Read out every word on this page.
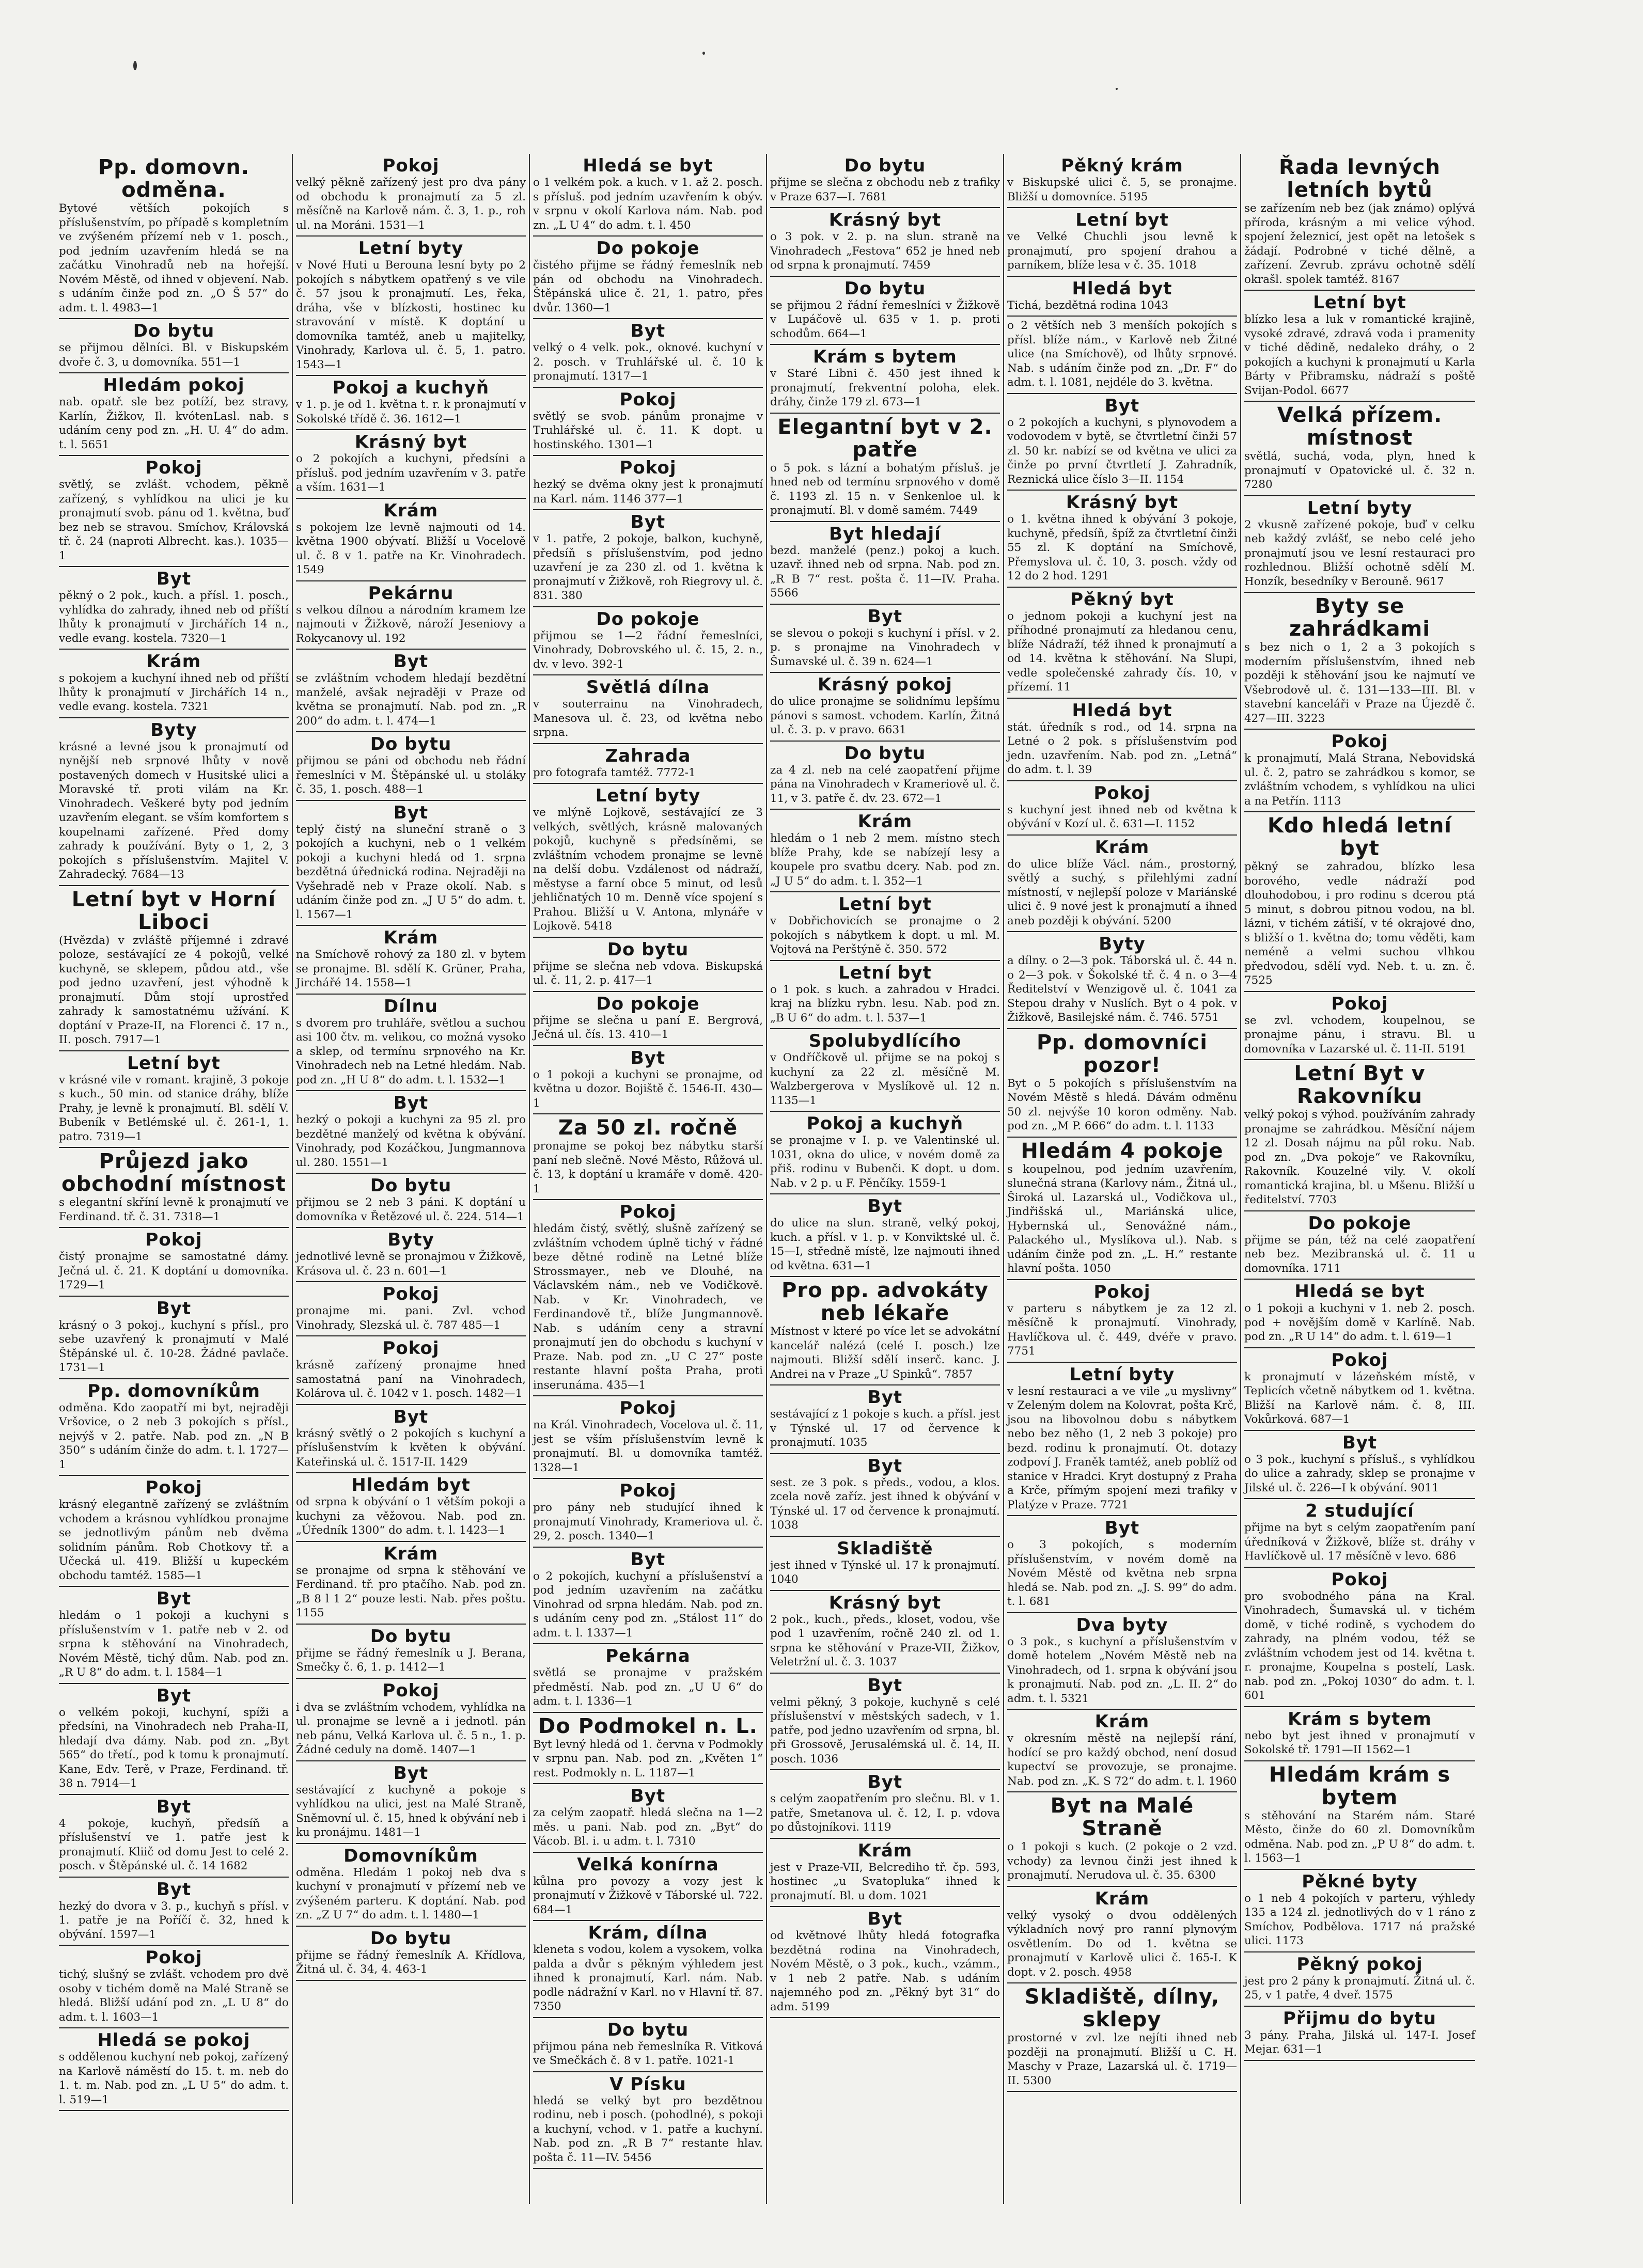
Pp. domovn. odměna.

Bytové větších pokojích s příslušenstvím, po případě s kompletním ve zvýšeném přízemí neb v 1. posch., pod jedním uzavřením hledá se na začátku Vinohradů neb na hořejší. Novém Městě, od ihned v objevení. Nab. s udáním činže pod zn. „O Š 57“ do adm. t. l. 4983—1

Do bytu

se přijmou dělníci. Bl. v Biskupském dvoře č. 3, u domovníka. 551—1

Hledám pokoj

nab. opatř. sle bez potíží, bez stravy, Karlín, Žižkov, Il. kvótenLasl. nab. s udáním ceny pod zn. „H. U. 4“ do adm. t. l. 5651

Pokoj

světlý, se zvlášt. vchodem, pěkně zařízený, s vyhlídkou na ulici je ku pronajmutí svob. pánu od 1. května, buď bez neb se stravou. Smíchov, Královská tř. č. 24 (naproti Albrecht. kas.). 1035—1

Byt

pěkný o 2 pok., kuch. a přísl. 1. posch., vyhlídka do zahrady, ihned neb od příští lhůty k pronajmutí v Jirchářích 14 n., vedle evang. kostela. 7320—1

Krám

s pokojem a kuchyní ihned neb od příští lhůty k pronajmutí v Jirchářích 14 n., vedle evang. kostela. 7321

Byty

krásné a levné jsou k pronajmutí od nynější neb srpnové lhůty v nově postavených domech v Husitské ulici a Moravské tř. proti vilám na Kr. Vinohradech. Veškeré byty pod jedním uzavřením elegant. se vším komfortem s koupelnami zařízené. Před domy zahrady k používání. Byty o 1, 2, 3 pokojích s příslušenstvím. Majitel V. Zahradecký. 7684—13

Letní byt v Horní Liboci

(Hvězda) v zvláště příjemné i zdravé poloze, sestávající ze 4 pokojů, velké kuchyně, se sklepem, půdou atd., vše pod jedno uzavření, jest výhodně k pronajmutí. Dům stojí uprostřed zahrady k samostatnému užívání. K doptání v Praze-II, na Florenci č. 17 n., II. posch. 7917—1

Letní byt

v krásné vile v romant. krajině, 3 pokoje s kuch., 50 min. od stanice dráhy, blíže Prahy, je levně k pronajmutí. Bl. sdělí V. Bubeník v Betlémské ul. č. 261-1, 1. patro. 7319—1

Průjezd jako obchodní místnost

s elegantní skříní levně k pronajmutí ve Ferdinand. tř. č. 31. 7318—1

Pokoj

čistý pronajme se samostatné dámy. Ječná ul. č. 21. K doptání u domovníka. 1729—1

Byt

krásný o 3 pokoj., kuchyní s přísl., pro sebe uzavřený k pronajmutí v Malé Štěpánské ul. č. 10-28. Žádné pavlače. 1731—1

Pp. domovníkům

odměna. Kdo zaopatří mi byt, nejraději Vršovice, o 2 neb 3 pokojích s přísl., nejvýš v 2. patře. Nab. pod zn. „N B 350“ s udáním činže do adm. t. l. 1727—1

Pokoj

krásný elegantně zařízený se zvláštním vchodem a krásnou vyhlídkou pronajme se jednotlivým pánům neb dvěma solidním pánům. Rob Chotkovy tř. a Učecká ul. 419. Bližší u kupeckém obchodu tamtéž. 1585—1

Byt

hledám o 1 pokoji a kuchyni s příslušenstvím v 1. patře neb v 2. od srpna k stěhování na Vinohradech, Novém Městě, tichý dům. Nab. pod zn. „R U 8“ do adm. t. l. 1584—1

Byt

o velkém pokoji, kuchyní, spíži a předsíni, na Vinohradech neb Praha-II, hledají dva dámy. Nab. pod zn. „Byt 565“ do třetí., pod k tomu k pronajmutí. Kane, Edv. Terě, v Praze, Ferdinand. tř. 38 n. 7914—1

Byt

4 pokoje, kuchyň, předsíň a příslušenství ve 1. patře jest k pronajmutí. Kliič od domu Jest to celé 2. posch. v Štěpánské ul. č. 14 1682

Byt

hezký do dvora v 3. p., kuchyň s přísl. v 1. patře je na Poříčí č. 32, hned k obývání. 1597—1

Pokoj

tichý, slušný se zvlášt. vchodem pro dvě osoby v tichém domě na Malé Straně se hledá. Bližší udání pod zn. „L U 8“ do adm. t. l. 1603—1

Hledá se pokoj

s oddělenou kuchyní neb pokoj, zařízený na Karlově náměstí do 15. t. m. neb do 1. t. m. Nab. pod zn. „L U 5“ do adm. t. l. 519—1

Pokoj

velký pěkně zařízený jest pro dva pány od obchodu k pronajmutí za 5 zl. měsíčně na Karlově nám. č. 3, 1. p., roh ul. na Moráni. 1531—1

Letní byty

v Nové Huti u Berouna lesní byty po 2 pokojích s nábytkem opatřený s ve vile č. 57 jsou k pronajmutí. Les, řeka, dráha, vše v blízkosti, hostinec ku stravování v místě. K doptání u domovníka tamtéž, aneb u majitelky, Vinohrady, Karlova ul. č. 5, 1. patro. 1543—1

Pokoj a kuchyň

v 1. p. je od 1. května t. r. k pronajmutí v Sokolské třídě č. 36. 1612—1

Krásný byt

o 2 pokojích a kuchyni, předsíni a přísluš. pod jedním uzavřením v 3. patře a vším. 1631—1

Krám

s pokojem lze levně najmouti od 14. května 1900 obývatí. Bližší u Vocelově ul. č. 8 v 1. patře na Kr. Vinohradech. 1549

Pekárnu

s velkou dílnou a národním kramem lze najmouti v Žižkově, nároží Jeseniovy a Rokycanovy ul. 192

Byt

se zvláštním vchodem hledají bezdětní manželé, avšak nejraději v Praze od května se pronajmutí. Nab. pod zn. „R 200“ do adm. t. l. 474—1

Do bytu

přijmou se páni od obchodu neb řádní řemeslníci v M. Štěpánské ul. u stoláky č. 35, 1. posch. 488—1

Byt

teplý čistý na sluneční straně o 3 pokojích a kuchyni, neb o 1 velkém pokoji a kuchyni hledá od 1. srpna bezdětná úřednická rodina. Nejraději na Vyšehradě neb v Praze okolí. Nab. s udáním činže pod zn. „J U 5“ do adm. t. l. 1567—1

Krám

na Smíchově rohový za 180 zl. v bytem se pronajme. Bl. sdělí K. Grüner, Praha, Jirchářé 14. 1558—1

Dílnu

s dvorem pro truhláře, světlou a suchou asi 100 čtv. m. velikou, co možná vysoko a sklep, od termínu srpnového na Kr. Vinohradech neb na Letné hledám. Nab. pod zn. „H U 8“ do adm. t. l. 1532—1

Byt

hezký o pokoji a kuchyni za 95 zl. pro bezdětné manželý od května k obývání. Vinohrady, pod Kozáčkou, Jungmannova ul. 280. 1551—1

Do bytu

přijmou se 2 neb 3 páni. K doptání u domovníka v Řetězové ul. č. 224. 514—1

Byty

jednotlivé levně se pronajmou v Žižkově, Krásova ul. č. 23 n. 601—1

Pokoj

pronajme mi. pani. Zvl. vchod Vinohrady, Slezská ul. č. 787 485—1

Pokoj

krásně zařízený pronajme hned samostatná paní na Vinohradech, Kolárova ul. č. 1042 v 1. posch. 1482—1

Byt

krásný světlý o 2 pokojích s kuchyní a příslušenstvím k květen k obývání. Kateřinská ul. č. 1517-II. 1429

Hledám byt

od srpna k obývání o 1 větším pokoji a kuchyni za věžovou. Nab. pod zn. „Úředník 1300“ do adm. t. l. 1423—1

Krám

se pronajme od srpna k stěhování ve Ferdinand. tř. pro ptačího. Nab. pod zn. „B 8 l 1 2“ pouze lesti. Nab. přes poštu. 1155

Do bytu

přijme se řádný řemeslník u J. Berana, Smečky č. 6, 1. p. 1412—1

Pokoj

i dva se zvláštním vchodem, vyhlídka na ul. pronajme se levně a i jednotl. pán neb pánu, Velká Karlova ul. č. 5 n., 1. p. Žádné ceduly na domě. 1407—1

Byt

sestávající z kuchyně a pokoje s vyhlídkou na ulici, jest na Malé Straně, Sněmovní ul. č. 15, hned k obývání neb i ku pronájmu. 1481—1

Domovníkům

odměna. Hledám 1 pokoj neb dva s kuchyní v pronajmutí v přízemí neb ve zvýšeném parteru. K doptání. Nab. pod zn. „Z U 7“ do adm. t. l. 1480—1

Do bytu

přijme se řádný řemeslník A. Křídlova, Žitná ul. č. 34, 4. 463-1

Hledá se byt

o 1 velkém pok. a kuch. v 1. až 2. posch. s přísluš. pod jedním uzavřením k obýv. v srpnu v okolí Karlova nám. Nab. pod zn. „L U 4“ do adm. t. l. 450

Do pokoje

čistého přijme se řádný řemeslník neb pán od obchodu na Vinohradech. Štěpánská ulice č. 21, 1. patro, přes dvůr. 1360—1

Byt

velký o 4 velk. pok., oknové. kuchyní v 2. posch. v Truhlářské ul. č. 10 k pronajmutí. 1317—1

Pokoj

světlý se svob. pánům pronajme v Truhlářské ul. č. 11. K dopt. u hostinského. 1301—1

Pokoj

hezký se dvěma okny jest k pronajmutí na Karl. nám. 1146 377—1

Byt

v 1. patře, 2 pokoje, balkon, kuchyně, předsíň s příslušenstvím, pod jedno uzavření je za 230 zl. od 1. května k pronajmutí v Žižkově, roh Riegrovy ul. č. 831. 380

Do pokoje

přijmou se 1—2 řádní řemeslníci, Vinohrady, Dobrovského ul. č. 15, 2. n., dv. v levo. 392-1

Světlá dílna

v souterrainu na Vinohradech, Manesova ul. č. 23, od května nebo srpna.

Zahrada

pro fotografa tamtéž. 7772-1

Letní byty

ve mlýně Lojkově, sestávající ze 3 velkých, světlých, krásně malovaných pokojů, kuchyně s předsíněmi, se zvláštním vchodem pronajme se levně na delší dobu. Vzdálenost od nádraží, městyse a farní obce 5 minut, od lesů jehličnatých 10 m. Denně více spojení s Prahou. Bližší u V. Antona, mlynáře v Lojkově. 5418

Do bytu

přijme se slečna neb vdova. Biskupská ul. č. 11, 2. p. 417—1

Do pokoje

přijme se slečna u paní E. Bergrová, Ječná ul. čís. 13. 410—1

Byt

o 1 pokoji a kuchyni se pronajme, od května u dozor. Bojiště č. 1546-II. 430—1

Za 50 zl. ročně

pronajme se pokoj bez nábytku starší paní neb slečně. Nové Město, Růžová ul. č. 13, k doptání u kramáře v domě. 420-1

Pokoj

hledám čistý, světlý, slušně zařízený se zvláštním vchodem úplně tichý v řádné beze dětné rodině na Letné blíže Strossmayer., neb ve Dlouhé, na Václavském nám., neb ve Vodičkově. Nab. v Kr. Vinohradech, ve Ferdinandově tř., blíže Jungmannově. Nab. s udáním ceny a stravní pronajmutí jen do obchodu s kuchyní v Praze. Nab. pod zn. „U C 27“ poste restante hlavní pošta Praha, proti inserunáma. 435—1

Pokoj

na Král. Vinohradech, Vocelova ul. č. 11, jest se vším příslušenstvím levně k pronajmutí. Bl. u domovníka tamtéž. 1328—1

Pokoj

pro pány neb studující ihned k pronajmutí Vinohrady, Krameriova ul. č. 29, 2. posch. 1340—1

Byt

o 2 pokojích, kuchyní a příslušenství a pod jedním uzavřením na začátku Vinohrad od srpna hledám. Nab. pod zn. s udáním ceny pod zn. „Stálost 11“ do adm. t. l. 1337—1

Pekárna

světlá se pronajme v pražském předměstí. Nab. pod zn. „U U 6“ do adm. t. l. 1336—1

Do Podmokel n. L.

Byt levný hledá od 1. června v Podmokly v srpnu pan. Nab. pod zn. „Květen 1“ rest. Podmokly n. L. 1187—1

Byt

za celým zaopatř. hledá slečna na 1—2 měs. u pani. Nab. pod zn. „Byt“ do Vácob. Bl. i. u adm. t. l. 7310

Velká konírna

kůlna pro povozy a vozy jest k pronajmutí v Žižkově v Táborské ul. 722. 684—1

Krám, dílna

kleneta s vodou, kolem a vysokem, volka palda a dvůr s pěkným výhledem jest ihned k pronajmutí, Karl. nám. Nab. podle nádražní v Karl. no v Hlavní tř. 87. 7350

Do bytu

přijmou pána neb řemeslníka R. Vitková ve Smečkách č. 8 v 1. patře. 1021-1

V Písku

hledá se velký byt pro bezdětnou rodinu, neb i posch. (pohodlné), s pokoji a kuchyní, vchod. v 1. patře a kuchyní. Nab. pod zn. „R B 7“ restante hlav. pošta č. 11—IV. 5456

Do bytu

přijme se slečna z obchodu neb z trafiky v Praze 637—I. 7681

Krásný byt

o 3 pok. v 2. p. na slun. straně na Vinohradech „Festova“ 652 je hned neb od srpna k pronajmutí. 7459

Do bytu

se přijmou 2 řádní řemeslníci v Žižkově v Lupáčově ul. 635 v 1. p. proti schodům. 664—1

Krám s bytem

v Staré Libni č. 450 jest ihned k pronajmutí, frekventní poloha, elek. dráhy, činže 179 zl. 673—1

Elegantní byt v 2. patře

o 5 pok. s lázní a bohatým přísluš. je hned neb od termínu srpnového v domě č. 1193 zl. 15 n. v Senkenloe ul. k pronajmutí. Bl. v domě samém. 7449

Byt hledají

bezd. manželé (penz.) pokoj a kuch. uzavř. ihned neb od srpna. Nab. pod zn. „R B 7“ rest. pošta č. 11—IV. Praha. 5566

Byt

se slevou o pokoji s kuchyní i přísl. v 2. p. s pronajme na Vinohradech v Šumavské ul. č. 39 n. 624—1

Krásný pokoj

do ulice pronajme se solidnímu lepšímu pánovi s samost. vchodem. Karlín, Žitná ul. č. 3. p. v pravo. 6631

Do bytu

za 4 zl. neb na celé zaopatření přijme pána na Vinohradech v Krameriově ul. č. 11, v 3. patře č. dv. 23. 672—1

Krám

hledám o 1 neb 2 mem. místno stech blíže Prahy, kde se nabízejí lesy a koupele pro svatbu dcery. Nab. pod zn. „J U 5“ do adm. t. l. 352—1

Letní byt

v Dobřichovicích se pronajme o 2 pokojích s nábytkem k dopt. u ml. M. Vojtová na Perštýně č. 350. 572

Letní byt

o 1 pok. s kuch. a zahradou v Hradci. kraj na blízku rybn. lesu. Nab. pod zn. „B U 6“ do adm. t. l. 537—1

Spolubydlícího

v Ondříčkově ul. přijme se na pokoj s kuchyní za 22 zl. měsíčně M. Walzbergerova v Myslíkově ul. 12 n. 1135—1

Pokoj a kuchyň

se pronajme v I. p. ve Valentinské ul. 1031, okna do ulice, v novém domě za přiš. rodinu v Bubenči. K dopt. u dom. Nab. v 2 p. u F. Pěnčíky. 1559-1

Byt

do ulice na slun. straně, velký pokoj, kuch. a přísl. v 1. p. v Konviktské ul. č. 15—I, středně místě, lze najmouti ihned od května. 631—1

Pro pp. advokáty neb lékaře

Místnost v které po více let se advokátní kancelář nalézá (celé I. posch.) lze najmouti. Bližší sdělí inserč. kanc. J. Andrei na v Praze „U Spinků“. 7857

Byt

sestávající z 1 pokoje s kuch. a přísl. jest v Týnské ul. 17 od července k pronajmutí. 1035

Byt

sest. ze 3 pok. s předs., vodou, a klos. zcela nově zaříz. jest ihned k obývání v Týnské ul. 17 od července k pronajmutí. 1038

Skladiště

jest ihned v Týnské ul. 17 k pronajmutí. 1040

Krásný byt

2 pok., kuch., předs., kloset, vodou, vše pod 1 uzavřením, ročně 240 zl. od 1. srpna ke stěhování v Praze-VII, Žižkov, Veletržní ul. č. 3. 1037

Byt

velmi pěkný, 3 pokoje, kuchyně s celé příslušenství v městských sadech, v 1. patře, pod jedno uzavřením od srpna, bl. při Grossově, Jerusalémská ul. č. 14, II. posch. 1036

Byt

s celým zaopatřením pro slečnu. Bl. v 1. patře, Smetanova ul. č. 12, I. p. vdova po důstojníkovi. 1119

Krám

jest v Praze-VII, Belcrediho tř. čp. 593, hostinec „u Svatopluka“ ihned k pronajmutí. Bl. u dom. 1021

Byt

od květnové lhůty hledá fotografka bezdětná rodina na Vinohradech, Novém Městě, o 3 pok., kuch., vzámm., v 1 neb 2 patře. Nab. s udáním najemného pod zn. „Pěkný byt 31“ do adm. 5199

Pěkný krám

v Biskupské ulici č. 5, se pronajme. Bližší u domovníce. 5195

Letní byt

ve Velké Chuchli jsou levně k pronajmutí, pro spojení drahou a parníkem, blíže lesa v č. 35. 1018

Hledá byt

Tichá, bezdětná rodina 1043

o 2 větších neb 3 menších pokojích s přísl. blíže nám., v Karlově neb Žitné ulice (na Smíchově), od lhůty srpnové. Nab. s udáním činže pod zn. „Dr. F“ do adm. t. l. 1081, nejdéle do 3. května.

Byt

o 2 pokojích a kuchyni, s plynovodem a vodovodem v bytě, se čtvrtletní činži 57 zl. 50 kr. nabízí se od května ve ulici za činže po první čtvrtletí J. Zahradník, Reznická ulice číslo 3—II. 1154

Krásný byt

o 1. května ihned k obývání 3 pokoje, kuchyně, předsíň, špíž za čtvrtletní činži 55 zl. K doptání na Smíchově, Přemyslova ul. č. 10, 3. posch. vždy od 12 do 2 hod. 1291

Pěkný byt

o jednom pokoji a kuchyní jest na příhodné pronajmutí za hledanou cenu, blíže Nádraží, též ihned k pronajmutí a od 14. května k stěhování. Na Slupi, vedle společenské zahrady čís. 10, v přízemí. 11

Hledá byt

stát. úředník s rod., od 14. srpna na Letné o 2 pok. s příslušenstvím pod jedn. uzavřením. Nab. pod zn. „Letná“ do adm. t. l. 39

Pokoj

s kuchyní jest ihned neb od května k obývání v Kozí ul. č. 631—I. 1152

Krám

do ulice blíže Václ. nám., prostorný, světlý a suchý, s přilehlými zadní místností, v nejlepší poloze v Mariánské ulici č. 9 nové jest k pronajmutí a ihned aneb později k obývání. 5200

Byty

a dílny. o 2—3 pok. Táborská ul. č. 44 n. o 2—3 pok. v Šokolské tř. č. 4 n. o 3—4 Ředitelství v Wenzigově ul. č. 1041 za Stepou drahy v Nuslích. Byt o 4 pok. v Žižkově, Basilejské nám. č. 746. 5751

Pp. domovníci pozor!

Byt o 5 pokojích s příslušenstvím na Novém Městě s hledá. Dávám odměnu 50 zl. nejvýše 10 koron odměny. Nab. pod zn. „M P. 666“ do adm. t. l. 1133

Hledám 4 pokoje

s koupelnou, pod jedním uzavřením, slunečná strana (Karlovy nám., Žitná ul., Široká ul. Lazarská ul., Vodičkova ul., Jindřišská ul., Mariánská ulice, Hybernská ul., Senovážné nám., Palackého ul., Myslíkova ul.). Nab. s udáním činže pod zn. „L. H.“ restante hlavní pošta. 1050

Pokoj

v parteru s nábytkem je za 12 zl. měsíčně k pronajmutí. Vinohrady, Havlíčkova ul. č. 449, dvéře v pravo. 7751

Letní byty

v lesní restauraci a ve vile „u myslivny“ v Zeleným dolem na Kolovrat, pošta Krč, jsou na libovolnou dobu s nábytkem nebo bez něho (1, 2 neb 3 pokoje) pro bezd. rodinu k pronajmutí. Ot. dotazy zodpoví J. Franěk tamtéž, aneb poblíž od stanice v Hradci. Kryt dostupný z Praha a Krče, přímým spojení mezi trafiky v Platýze v Praze. 7721

Byt

o 3 pokojích, s moderním příslušenstvím, v novém domě na Novém Městě od května neb srpna hledá se. Nab. pod zn. „J. S. 99“ do adm. t. l. 681

Dva byty

o 3 pok., s kuchyní a příslušenstvím v domě hotelem „Novém Městě neb na Vinohradech, od 1. srpna k obývání jsou k pronajmutí. Nab. pod zn. „L. II. 2“ do adm. t. l. 5321

Krám

v okresním městě na nejlepší rání, hodící se pro každý obchod, není dosud kupectví se provozuje, se pronajme. Nab. pod zn. „K. S 72“ do adm. t. l. 1960

Byt na Malé Straně

o 1 pokoji s kuch. (2 pokoje o 2 vzd. vchody) za levnou činži jest ihned k pronajmutí. Nerudova ul. č. 35. 6300

Krám

velký vysoký o dvou oddělených výkladních nový pro ranní plynovým osvětlením. Do od 1. května se pronajmutí v Karlově ulici č. 165-I. K dopt. v 2. posch. 4958

Skladiště, dílny, sklepy

prostorné v zvl. lze nejíti ihned neb později na pronajmutí. Bližší u C. H. Maschy v Praze, Lazarská ul. č. 1719—II. 5300

Řada levných letních bytů

se zařízením neb bez (jak známo) oplývá příroda, krásným a mi velice výhod. spojení železnicí, jest opět na letošek s žádají. Podrobné v tiché dělně, a zařízení. Zevrub. zprávu ochotně sdělí okrašl. spolek tamtéž. 8167

Letní byt

blízko lesa a luk v romantické krajině, vysoké zdravé, zdravá voda i pramenity v tiché dědině, nedaleko dráhy, o 2 pokojích a kuchyni k pronajmutí u Karla Bárty v Přibramsku, nádraží s poště Svijan-Podol. 6677

Velká přízem. místnost

světlá, suchá, voda, plyn, hned k pronajmutí v Opatovické ul. č. 32 n. 7280

Letní byty

2 vkusně zařízené pokoje, buď v celku neb každý zvlášť, se nebo celé jeho pronajmutí jsou ve lesní restauraci pro rozhlednou. Bližší ochotně sdělí M. Honzík, besedníky v Berouně. 9617

Byty se zahrádkami

s bez nich o 1, 2 a 3 pokojích s moderním příslušenstvím, ihned neb později k stěhování jsou ke najmutí ve Všebrodově ul. č. 131—133—III. Bl. v stavební kanceláři v Praze na Újezdě č. 427—III. 3223

Pokoj

k pronajmutí, Malá Strana, Nebovidská ul. č. 2, patro se zahrádkou s komor, se zvláštním vchodem, s vyhlídkou na ulici a na Petřín. 1113

Kdo hledá letní byt

pěkný se zahradou, blízko lesa borového, vedle nádraží pod dlouhodobou, i pro rodinu s dcerou ptá 5 minut, s dobrou pitnou vodou, na bl. lázni, v tichém zátiší, v té okrajové dno, s bližší o 1. května do; tomu věděti, kam neméně a velmi suchou vlhkou předvodou, sdělí vyd. Neb. t. u. zn. č. 7525

Pokoj

se zvl. vchodem, koupelnou, se pronajme pánu, i stravu. Bl. u domovníka v Lazarské ul. č. 11-II. 5191

Letní Byt v Rakovníku

velký pokoj s výhod. používáním zahrady pronajme se zahrádkou. Měsíční nájem 12 zl. Dosah nájmu na půl roku. Nab. pod zn. „Dva pokoje“ ve Rakovníku, Rakovník. Kouzelné vily. V. okolí romantická krajina, bl. u Mšenu. Bližší u ředitelství. 7703

Do pokoje

přijme se pán, též na celé zaopatření neb bez. Mezibranská ul. č. 11 u domovníka. 1711

Hledá se byt

o 1 pokoji a kuchyni v 1. neb 2. posch. pod + novějším domě v Karlíně. Nab. pod zn. „R U 14“ do adm. t. l. 619—1

Pokoj

k pronajmutí v lázeňském místě, v Teplicích včetně nábytkem od 1. května. Bližší na Karlově nám. č. 8, III. Vokůrková. 687—1

Byt

o 3 pok., kuchyní s přísluš., s vyhlídkou do ulice a zahrady, sklep se pronajme v Jilské ul. č. 226—I k obývání. 9011

2 studující

přijme na byt s celým zaopatřením paní úředníková v Žižkově, blíže st. dráhy v Havlíčkově ul. 17 měsíčně v levo. 686

Pokoj

pro svobodného pána na Kral. Vinohradech, Šumavská ul. v tichém domě, v tiché rodině, s vychodem do zahrady, na plném vodou, též se zvláštním vchodem jest od 14. května t. r. pronajme, Koupelna s postelí, Lask. nab. pod zn. „Pokoj 1030“ do adm. t. l. 601

Krám s bytem

nebo byt jest ihned v pronajmutí v Sokolské tř. 1791—II 1562—1

Hledám krám s bytem

s stěhování na Starém nám. Staré Město, činže do 60 zl. Domovníkům odměna. Nab. pod zn. „P U 8“ do adm. t. l. 1563—1

Pěkné byty

o 1 neb 4 pokojích v parteru, výhledy 135 a 124 zl. jednotlivých do v 1 ráno z Smíchov, Podbělova. 1717 ná pražské ulici. 1173

Pěkný pokoj

jest pro 2 pány k pronajmutí. Žitná ul. č. 25, v 1 patře, 4 dveř. 1575

Přijmu do bytu

3 pány. Praha, Jilská ul. 147-I. Josef Mejar. 631—1
